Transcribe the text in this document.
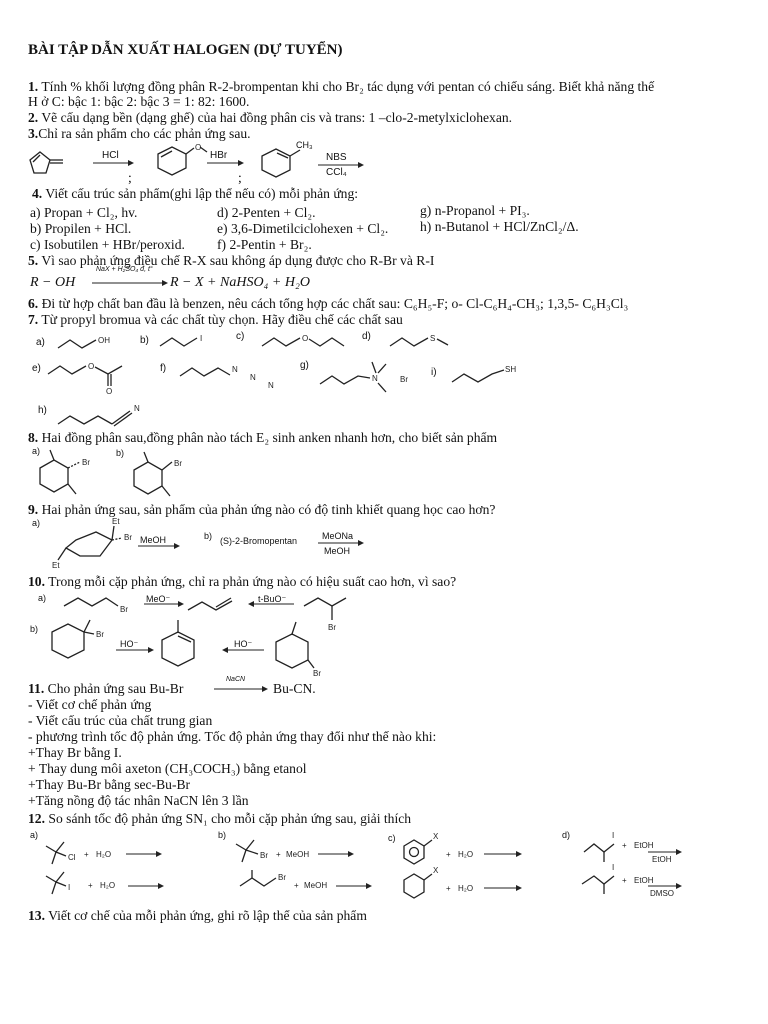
BÀI TẬP DẪN XUẤT HALOGEN (DỰ TUYỂN)
1. Tính % khối lượng đồng phân R-2-brompentan khi cho Br₂ tác dụng với pentan có chiếu sáng. Biết khả năng thế
H ở C: bậc 1: bậc 2: bậc 3 = 1: 82: 1600.
2. Vẽ cấu dạng bền (dạng ghế) của hai đồng phân cis và trans: 1 –clo-2-metylxiclohexan.
3.Chỉ ra sản phẩm cho các phản ứng sau.
O
HCl	HBr	NBS
CCl₄
CH₃
;	;
4. Viết cấu trúc sản phẩm(ghi lập thể nếu có) mỗi phản ứng:
a) Propan + Cl₂, hv.	d) 2-Penten + Cl₂.	g) n-Propanol + PI₃.
b) Propilen + HCl.	e) 3,6-Dimetilciclohexen + Cl₂. h) n-Butanol + HCl/ZnCl₂/Δ.
c) Isobutilen + HBr/peroxid. f) 2-Pentin + Br₂.
5. Vì sao phản ứng điều chế R-X sau không áp dụng được cho R-Br và R-I
R − OH
NaX + H₂SO₄ đ, t°
R − X + NaHSO₄ + H₂O
6. Đi từ hợp chất ban đầu là benzen, nêu cách tổng hợp các chất sau: C₆H₅-F; o- Cl-C₆H₄-CH₃; 1,3,5- C₆H₃Cl₃
7. Từ propyl bromua và các chất tùy chọn. Hãy điều chế các chất sau
a)	b)	c)	d)
e)	f)	g)
i)
h)
OH	I	O	S
O
O
N
N
N
N	Br
SH
N
8. Hai đồng phân sau,đồng phân nào tách E₂ sinh anken nhanh hơn, cho biết sản phẩm
a)	b)
Br	Br
9. Hai phản ứng sau, sản phẩm của phản ứng nào có độ tinh khiết quang học cao hơn?
a)
b)
Et
Br
Et
MeOH	(S)-2-Bromopentan	MeONa
MeOH
10. Trong mỗi cặp phản ứng, chỉ ra phản ứng nào có hiệu suất cao hơn, vì sao?
a)
b)
MeO⁻	t-BuO⁻
HO⁻	HO⁻
Br
Br
Br
Br
11. Cho phản ứng sau Bu-Br
NaCN
Bu-CN.
- Viết cơ chế phản ứng
- Viết cấu trúc của chất trung gian
- phương trình tốc độ phản ứng. Tốc độ phản ứng thay đổi như thế nào khi:
+Thay Br bằng I.
+ Thay dung môi axeton (CH₃COCH₃) bằng etanol
+Thay Bu-Br bằng sec-Bu-Br
+Tăng nồng độ tác nhân NaCN lên 3 lần
12. So sánh tốc độ phản ứng SN₁ cho mỗi cặp phản ứng sau, giải thích
a)	b)	c)	d)
Cl + H₂O
I + H₂O
Br + MeOH
Br
+ MeOH
X
+ H₂O
X
+ H₂O
I
+ EtOH
EtOH
I
+ EtOH
DMSO
13. Viết cơ chế của mỗi phản ứng, ghi rõ lập thể của sản phẩm
